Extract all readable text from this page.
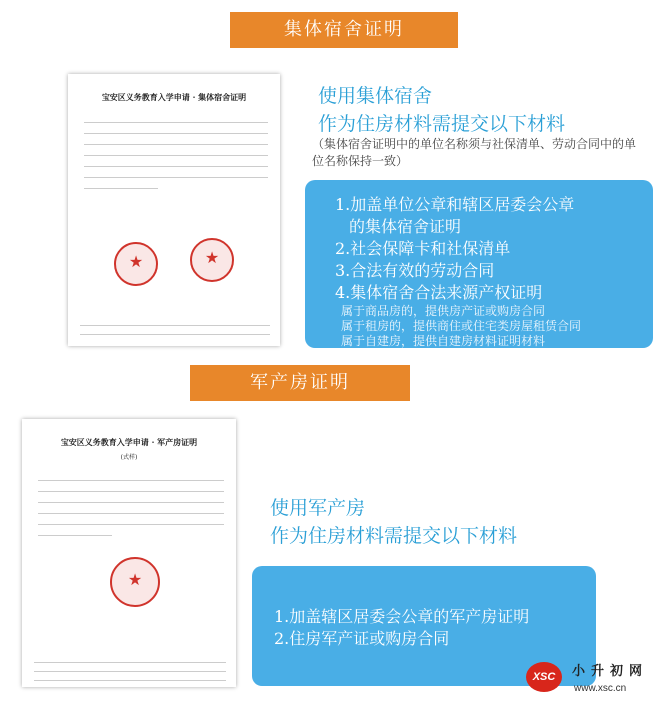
集体宿舍证明
宝安区义务教育入学申请 · 集体宿舍证明
★	★
使用集体宿舍
作为住房材料需提交以下材料
（集体宿舍证明中的单位名称须与社保清单、劳动合同中的单位名称保持一致）
1.加盖单位公章和辖区居委会公章
的集体宿舍证明
2.社会保障卡和社保清单
3.合法有效的劳动合同
4.集体宿舍合法来源产权证明
属于商品房的，提供房产证或购房合同
属于租房的，提供商住或住宅类房屋租赁合同
属于自建房，提供自建房材料证明材料
军产房证明
宝安区义务教育入学申请 · 军产房证明
(式样)
★
使用军产房
作为住房材料需提交以下材料
1.加盖辖区居委会公章的军产房证明
2.住房军产证或购房合同
XSC	小升初网
www.xsc.cn
